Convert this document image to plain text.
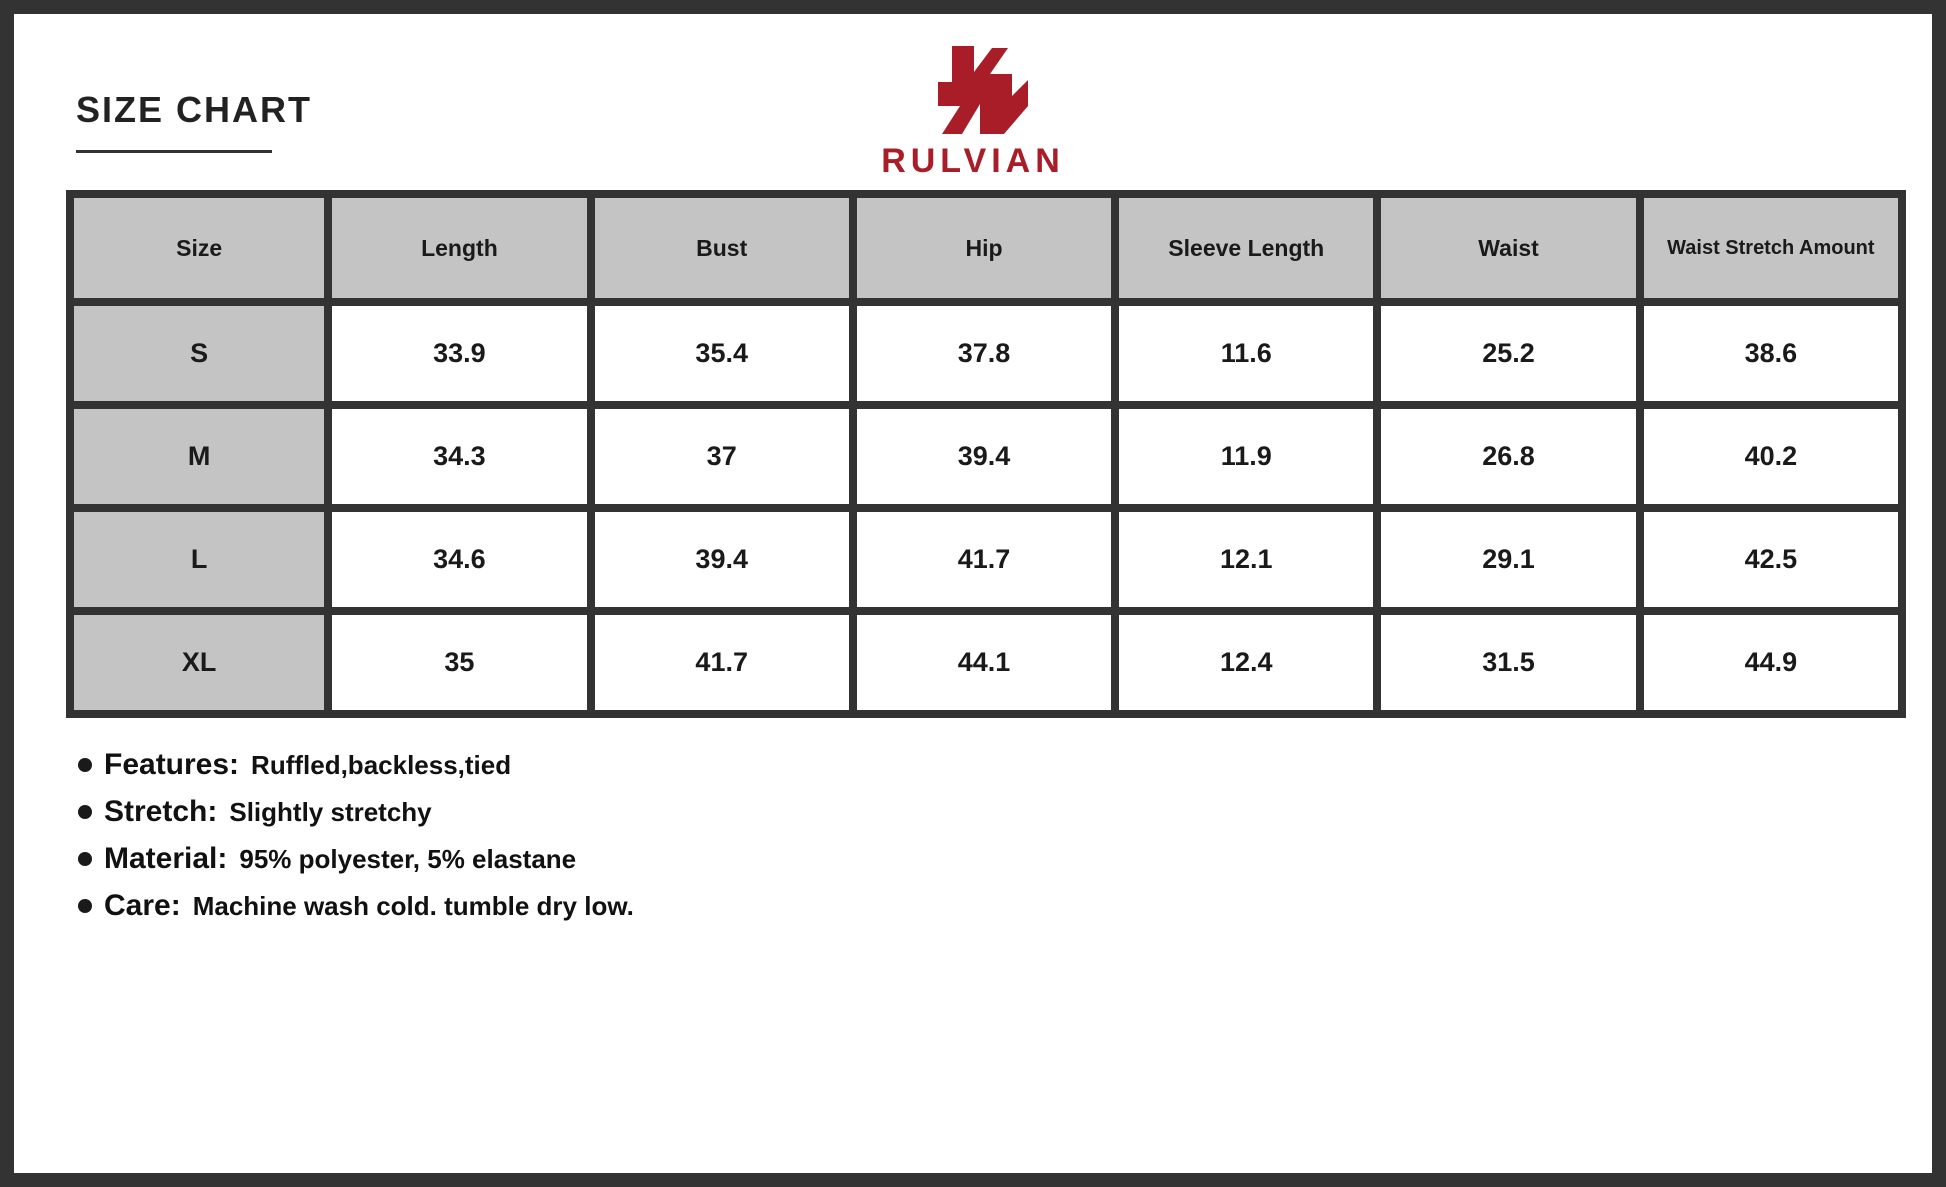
SIZE CHART
RULVIAN
Size	Length	Bust	Hip	Sleeve Length	Waist	Waist Stretch Amount
S	33.9	35.4	37.8	11.6	25.2	38.6
M	34.3	37	39.4	11.9	26.8	40.2
L	34.6	39.4	41.7	12.1	29.1	42.5
XL	35	41.7	44.1	12.4	31.5	44.9
Features: Ruffled,backless,tied
Stretch: Slightly stretchy
Material: 95% polyester, 5% elastane
Care: Machine wash cold. tumble dry low.
